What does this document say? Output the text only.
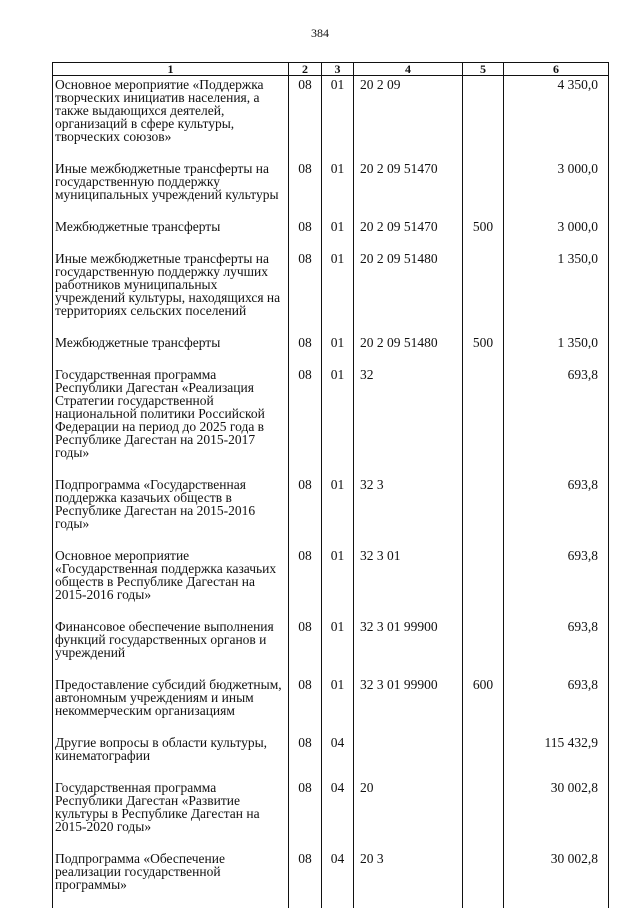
384
1	2	3	4	5	6
Основное мероприятие «Поддержка творческих инициатив населения, а также выдающихся деятелей, организаций в сфере культуры, творческих союзов»	08	01	20 2 09		4 350,0
Иные межбюджетные трансферты на государственную поддержку муниципальных учреждений культуры	08	01	20 2 09 51470		3 000,0
Межбюджетные трансферты	08	01	20 2 09 51470	500	3 000,0
Иные межбюджетные трансферты на государственную поддержку лучших работников муниципальных учреждений культуры, находящихся на территориях сельских поселений	08	01	20 2 09 51480		1 350,0
Межбюджетные трансферты	08	01	20 2 09 51480	500	1 350,0
Государственная программа Республики Дагестан «Реализация Стратегии государственной национальной политики Российской Федерации на период до 2025 года в Республике Дагестан на 2015-2017 годы»	08	01	32		693,8
Подпрограмма «Государственная поддержка казачьих обществ в Республике Дагестан на 2015-2016 годы»	08	01	32 3		693,8
Основное мероприятие «Государственная поддержка казачьих обществ в Республике Дагестан на 2015-2016 годы»	08	01	32 3 01		693,8
Финансовое обеспечение выполнения функций государственных органов и учреждений	08	01	32 3 01 99900		693,8
Предоставление субсидий бюджетным, автономным учреждениям и иным некоммерческим организациям	08	01	32 3 01 99900	600	693,8
Другие вопросы в области культуры, кинематографии	08	04			115 432,9
Государственная программа Республики Дагестан «Развитие культуры в Республике Дагестан на 2015-2020 годы»	08	04	20		30 002,8
Подпрограмма «Обеспечение реализации государственной программы»	08	04	20 3		30 002,8
